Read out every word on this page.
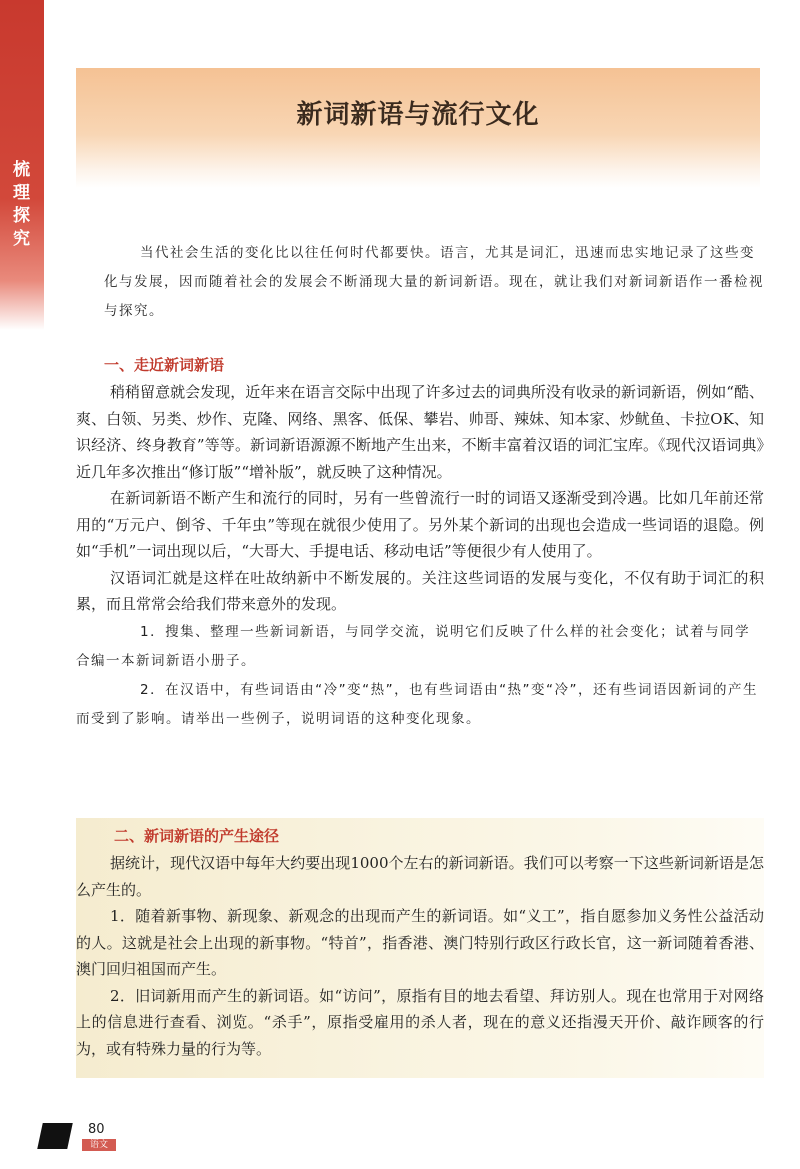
梳理探究
新词新语与流行文化

当代社会生活的变化比以往任何时代都要快。语言，尤其是词汇，迅速而忠实地记录了这些变化与发展，因而随着社会的发展会不断涌现大量的新词新语。现在，就让我们对新词新语作一番检视与探究。

一、走近新词新语

稍稍留意就会发现，近年来在语言交际中出现了许多过去的词典所没有收录的新词新语，例如“酷、爽、白领、另类、炒作、克隆、网络、黑客、低保、攀岩、帅哥、辣妹、知本家、炒鱿鱼、卡拉OK、知识经济、终身教育”等等。新词新语源源不断地产生出来，不断丰富着汉语的词汇宝库。《现代汉语词典》近几年多次推出“修订版”“增补版”，就反映了这种情况。

在新词新语不断产生和流行的同时，另有一些曾流行一时的词语又逐渐受到冷遇。比如几年前还常用的“万元户、倒爷、千年虫”等现在就很少使用了。另外某个新词的出现也会造成一些词语的退隐。例如“手机”一词出现以后，“大哥大、手提电话、移动电话”等便很少有人使用了。

汉语词汇就是这样在吐故纳新中不断发展的。关注这些词语的发展与变化，不仅有助于词汇的积累，而且常常会给我们带来意外的发现。

1．搜集、整理一些新词新语，与同学交流，说明它们反映了什么样的社会变化；试着与同学合编一本新词新语小册子。

2．在汉语中，有些词语由“冷”变“热”，也有些词语由“热”变“冷”，还有些词语因新词的产生而受到了影响。请举出一些例子，说明词语的这种变化现象。

二、新词新语的产生途径

据统计，现代汉语中每年大约要出现1000个左右的新词新语。我们可以考察一下这些新词新语是怎么产生的。

1．随着新事物、新现象、新观念的出现而产生的新词语。如“义工”，指自愿参加义务性公益活动的人。这就是社会上出现的新事物。“特首”，指香港、澳门特别行政区行政长官，这一新词随着香港、澳门回归祖国而产生。

2．旧词新用而产生的新词语。如“访问”，原指有目的地去看望、拜访别人。现在也常用于对网络上的信息进行查看、浏览。“杀手”，原指受雇用的杀人者，现在的意义还指漫天开价、敲诈顾客的行为，或有特殊力量的行为等。

80
语文
